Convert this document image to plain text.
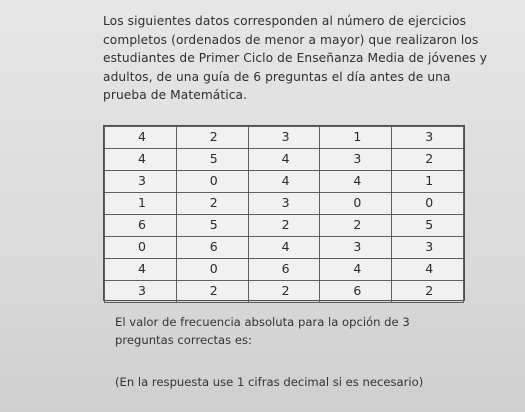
Los siguientes datos corresponden al número de ejercicios completos (ordenados de menor a mayor) que realizaron los estudiantes de Primer Ciclo de Enseñanza Media de jóvenes y adultos, de una guía de 6 preguntas el día antes de una prueba de Matemática.

4	2	3	1	3
4	5	4	3	2
3	0	4	4	1
1	2	3	0	0
6	5	2	2	5
0	6	4	3	3
4	0	6	4	4
3	2	2	6	2

El valor de frecuencia absoluta para la opción de 3 preguntas correctas es:

(En la respuesta use 1 cifras decimal si es necesario)
